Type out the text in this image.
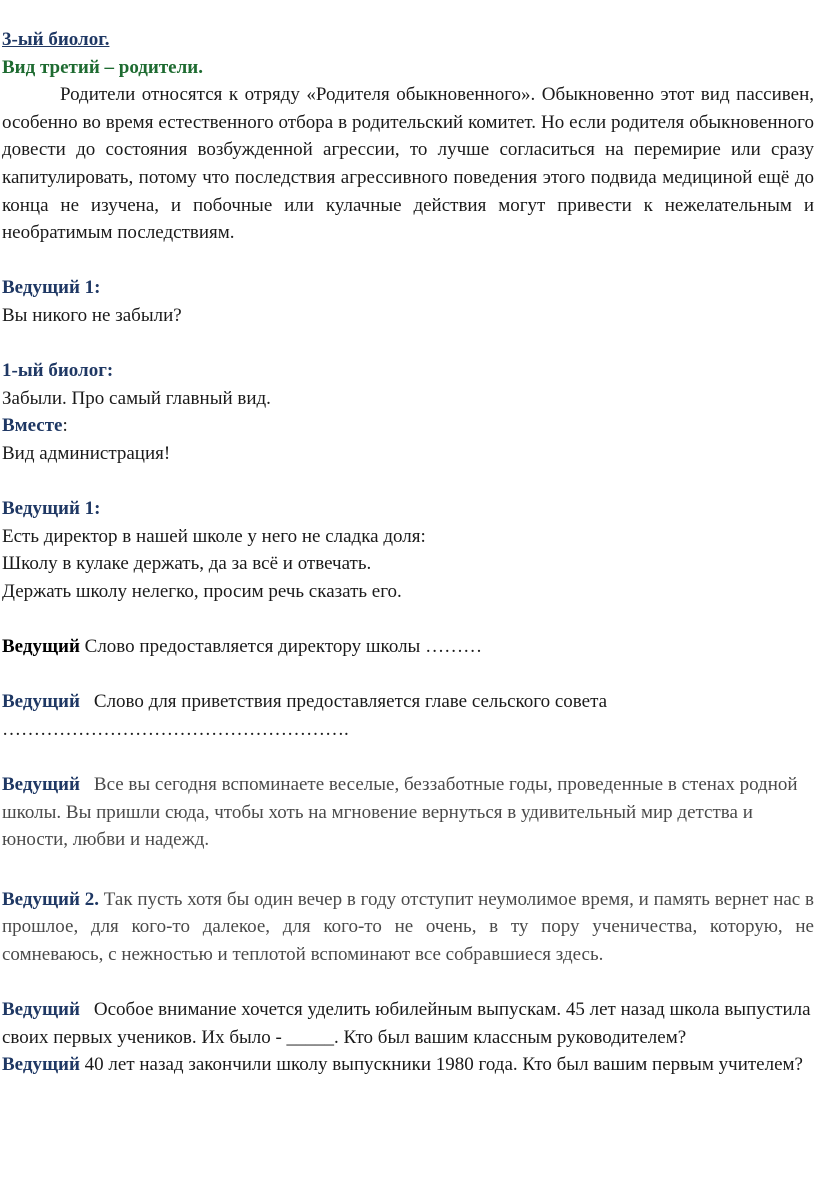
3-ый биолог.

Вид третий – родители.

Родители относятся к отряду «Родителя обыкновенного». Обыкновенно этот вид пассивен, особенно во время естественного отбора в родительский комитет. Но если родителя обыкновенного довести до состояния возбужденной агрессии, то лучше согласиться на перемирие или сразу капитулировать, потому что последствия агрессивного поведения этого подвида медициной ещё до конца не изучена, и побочные или кулачные действия могут привести к нежелательным и необратимым последствиям.

Ведущий 1:

Вы никого не забыли?

1-ый биолог:

Забыли. Про самый главный вид.

Вместе:

Вид администрация!

Ведущий 1:

Есть директор в нашей школе у него не сладка доля:

Школу в кулаке держать, да за всё и отвечать.

Держать школу нелегко, просим речь сказать его.

Ведущий Слово предоставляется директору школы ………

Ведущий Слово для приветствия предоставляется главе сельского совета ……………………………………………….

Ведущий Все вы сегодня вспоминаете веселые, беззаботные годы, проведенные в стенах родной школы. Вы пришли сюда, чтобы хоть на мгновение вернуться в удивительный мир детства и юности, любви и надежд.

Ведущий 2. Так пусть хотя бы один вечер в году отступит неумолимое время, и память вернет нас в прошлое, для кого-то далекое, для кого-то не очень, в ту пору ученичества, которую, не сомневаюсь, с нежностью и теплотой вспоминают все собравшиеся здесь.

Ведущий Особое внимание хочется уделить юбилейным выпускам. 45 лет назад школа выпустила своих первых учеников. Их было - _____. Кто был вашим классным руководителем?

Ведущий 40 лет назад закончили школу выпускники 1980 года. Кто был вашим первым учителем?
